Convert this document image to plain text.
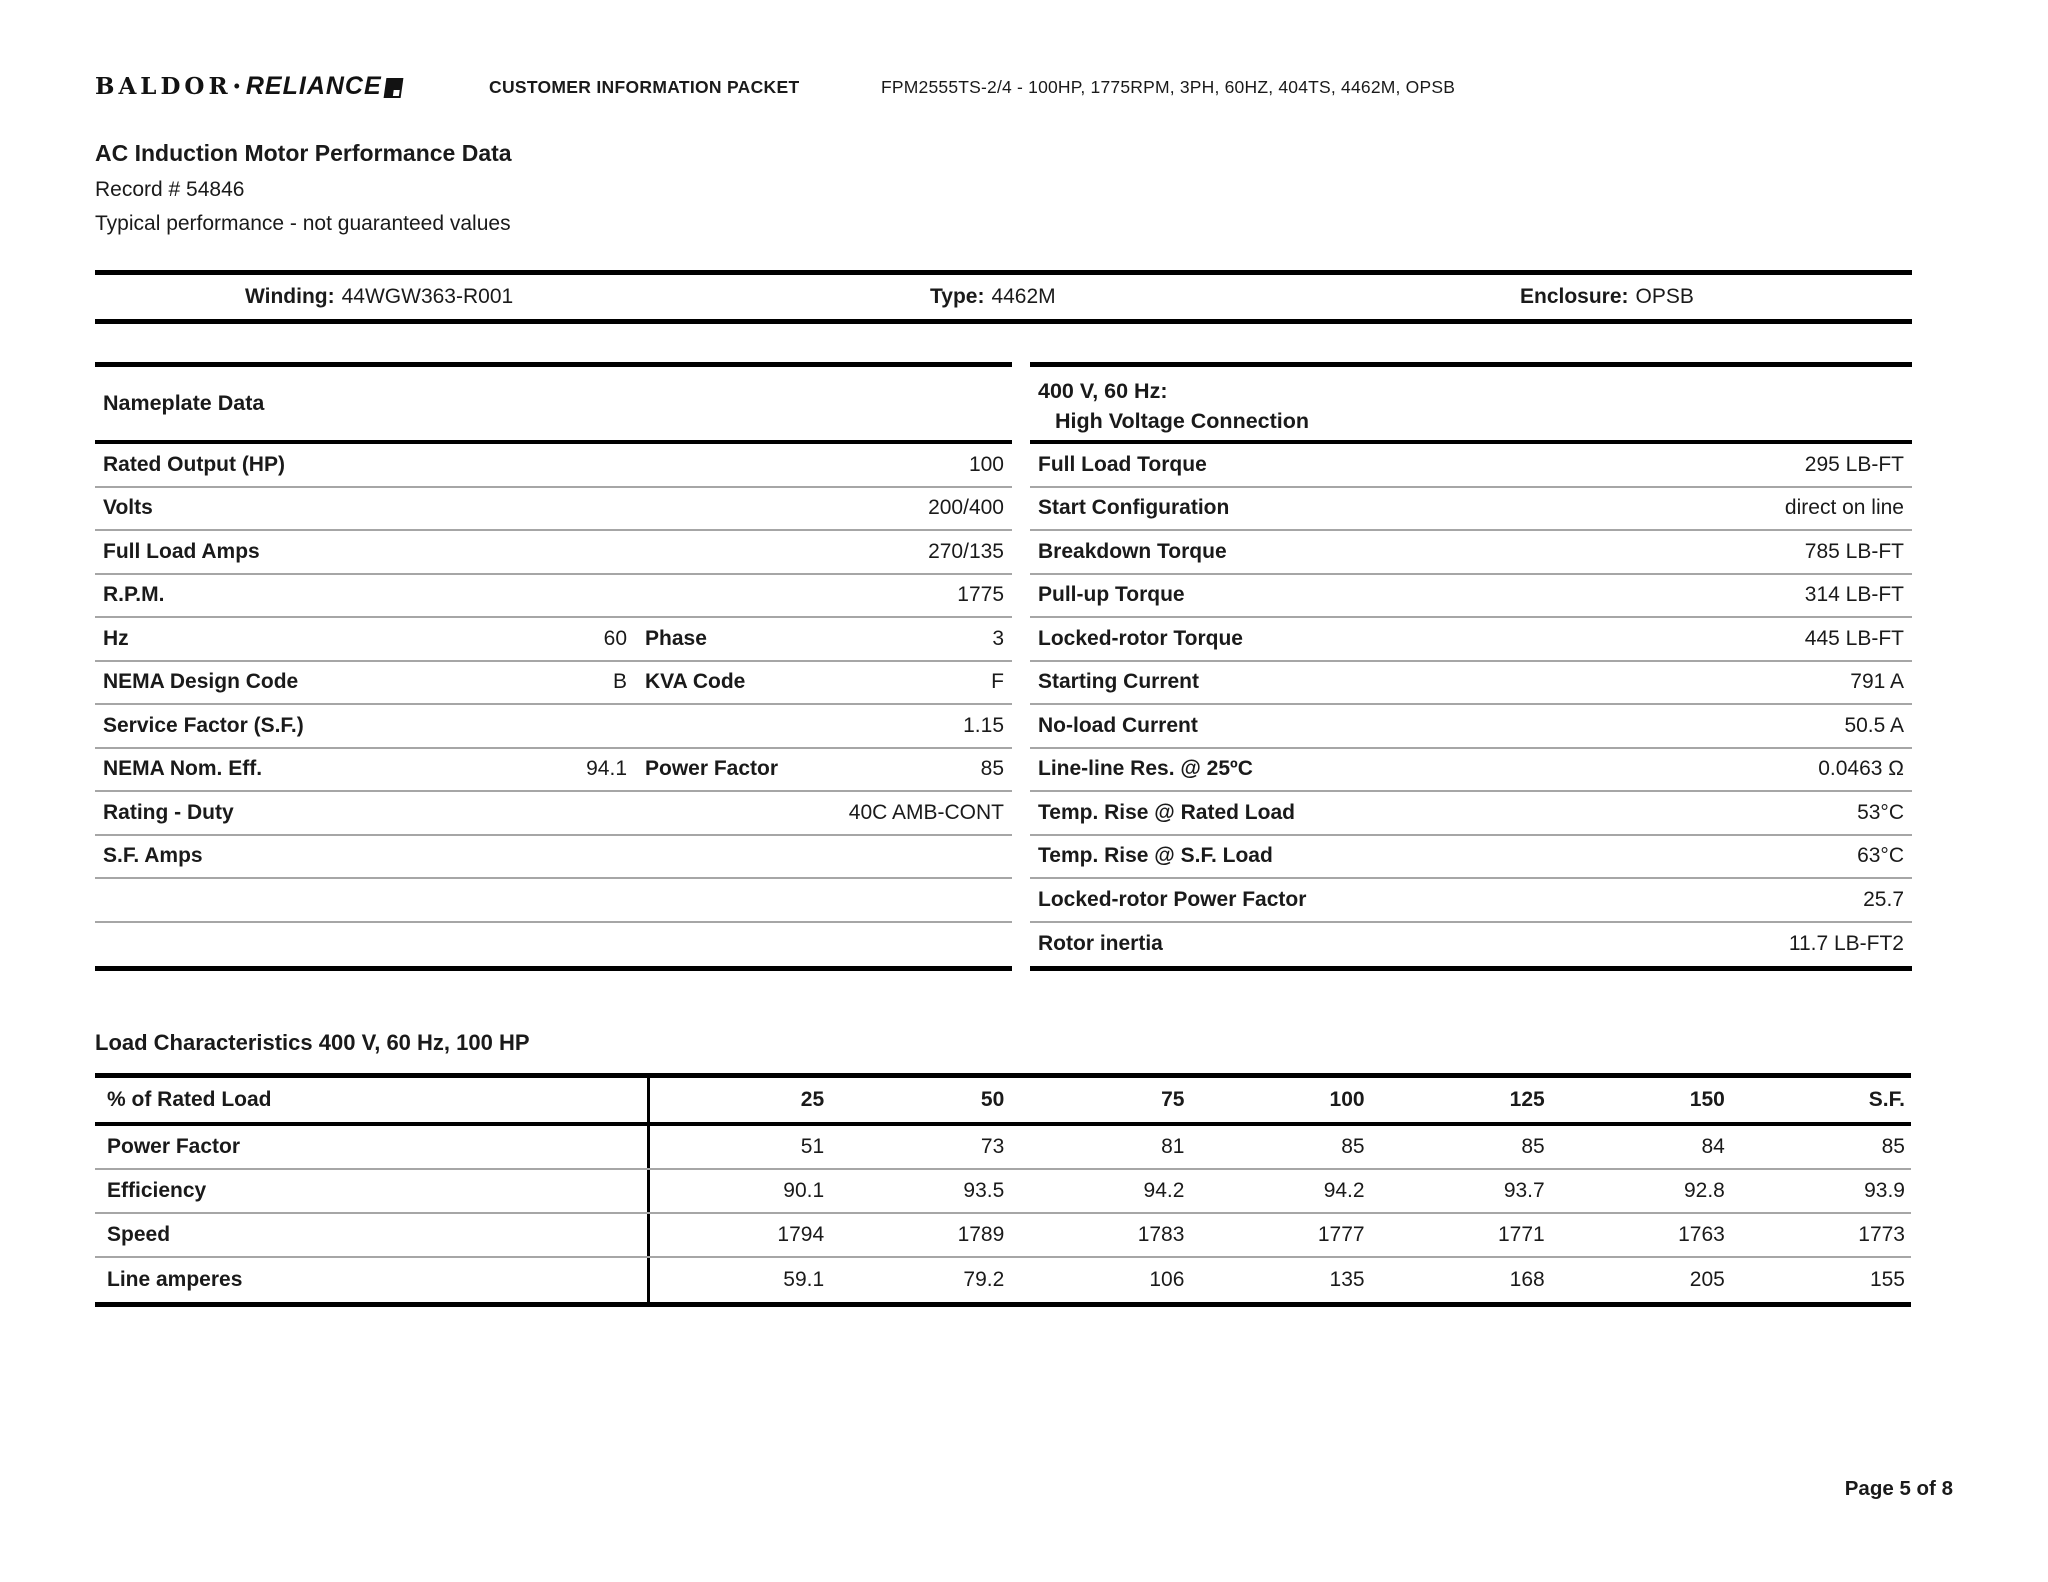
BALDOR • RELIANCE	CUSTOMER INFORMATION PACKET	FPM2555TS-2/4 - 100HP, 1775RPM, 3PH, 60HZ, 404TS, 4462M, OPSB
AC Induction Motor Performance Data
Record # 54846
Typical performance - not guaranteed values
Winding: 44WGW363-R001	Type: 4462M	Enclosure: OPSB
Nameplate Data
Rated Output (HP)	100
Volts	200/400
Full Load Amps	270/135
R.P.M.	1775
Hz	60 Phase	3
NEMA Design Code	B KVA Code	F
Service Factor (S.F.)	1.15
NEMA Nom. Eff.	94.1 Power Factor	85
Rating - Duty	40C AMB-CONT
S.F. Amps
400 V, 60 Hz:
High Voltage Connection
Full Load Torque	295 LB-FT
Start Configuration	direct on line
Breakdown Torque	785 LB-FT
Pull-up Torque	314 LB-FT
Locked-rotor Torque	445 LB-FT
Starting Current	791 A
No-load Current	50.5 A
Line-line Res. @ 25ºC	0.0463 Ω
Temp. Rise @ Rated Load	53°C
Temp. Rise @ S.F. Load	63°C
Locked-rotor Power Factor	25.7
Rotor inertia	11.7 LB-FT2
Load Characteristics 400 V, 60 Hz, 100 HP
% of Rated Load	25	50	75	100	125	150	S.F.
Power Factor	51	73	81	85	85	84	85
Efficiency	90.1	93.5	94.2	94.2	93.7	92.8	93.9
Speed	1794	1789	1783	1777	1771	1763	1773
Line amperes	59.1	79.2	106	135	168	205	155
Page 5 of 8
